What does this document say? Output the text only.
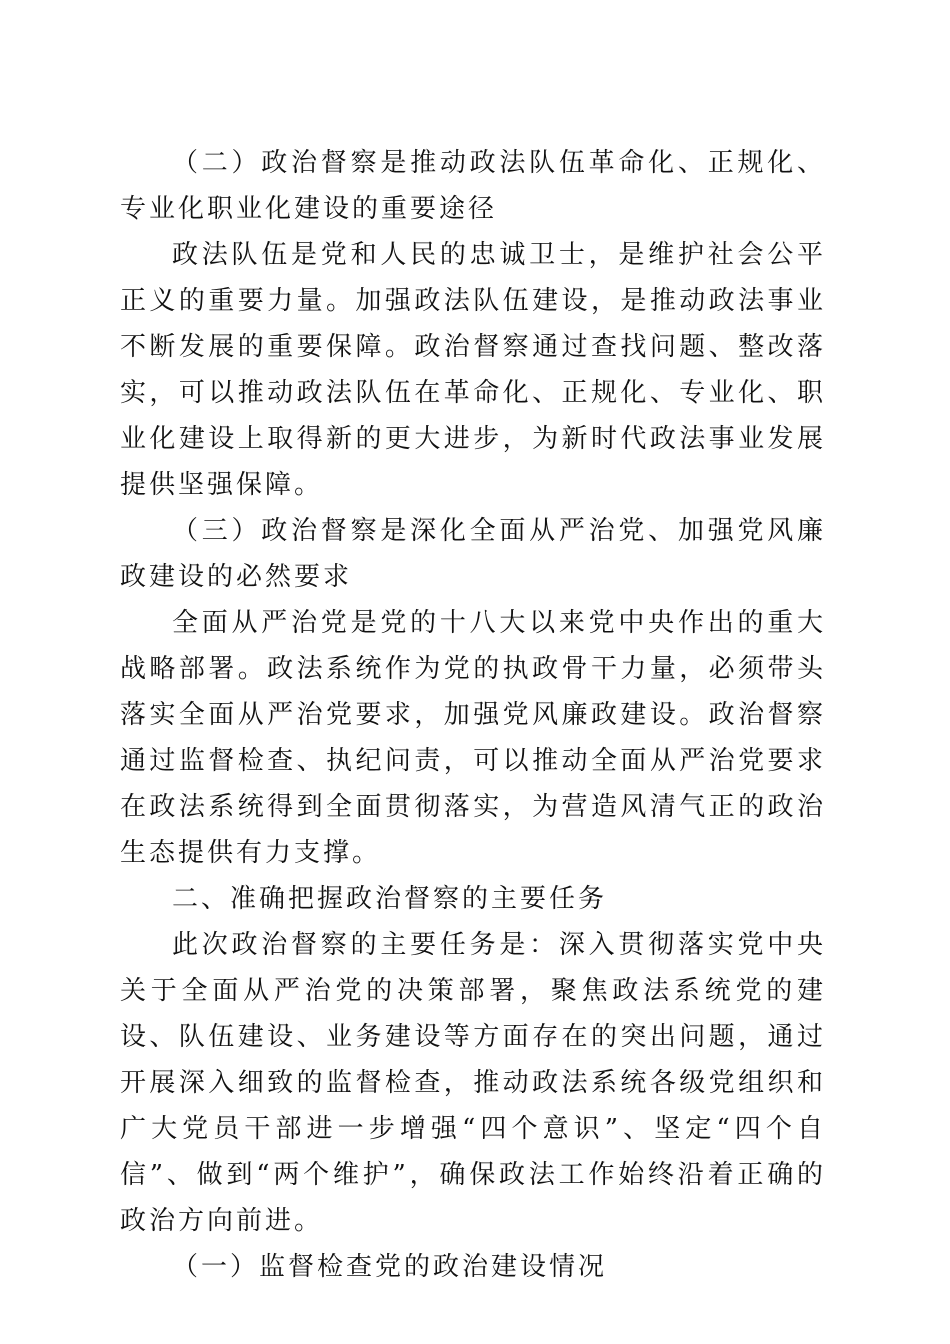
（二）政治督察是推动政法队伍革命化、正规化、专业化职业化建设的重要途径

政法队伍是党和人民的忠诚卫士，是维护社会公平正义的重要力量。加强政法队伍建设，是推动政法事业不断发展的重要保障。政治督察通过查找问题、整改落实，可以推动政法队伍在革命化、正规化、专业化、职业化建设上取得新的更大进步，为新时代政法事业发展提供坚强保障。

（三）政治督察是深化全面从严治党、加强党风廉政建设的必然要求

全面从严治党是党的十八大以来党中央作出的重大战略部署。政法系统作为党的执政骨干力量，必须带头落实全面从严治党要求，加强党风廉政建设。政治督察通过监督检查、执纪问责，可以推动全面从严治党要求在政法系统得到全面贯彻落实，为营造风清气正的政治生态提供有力支撑。

二、准确把握政治督察的主要任务

此次政治督察的主要任务是：深入贯彻落实党中央关于全面从严治党的决策部署，聚焦政法系统党的建设、队伍建设、业务建设等方面存在的突出问题，通过开展深入细致的监督检查，推动政法系统各级党组织和广大党员干部进一步增强“四个意识”、坚定“四个自信”、做到“两个维护”，确保政法工作始终沿着正确的政治方向前进。

（一）监督检查党的政治建设情况
